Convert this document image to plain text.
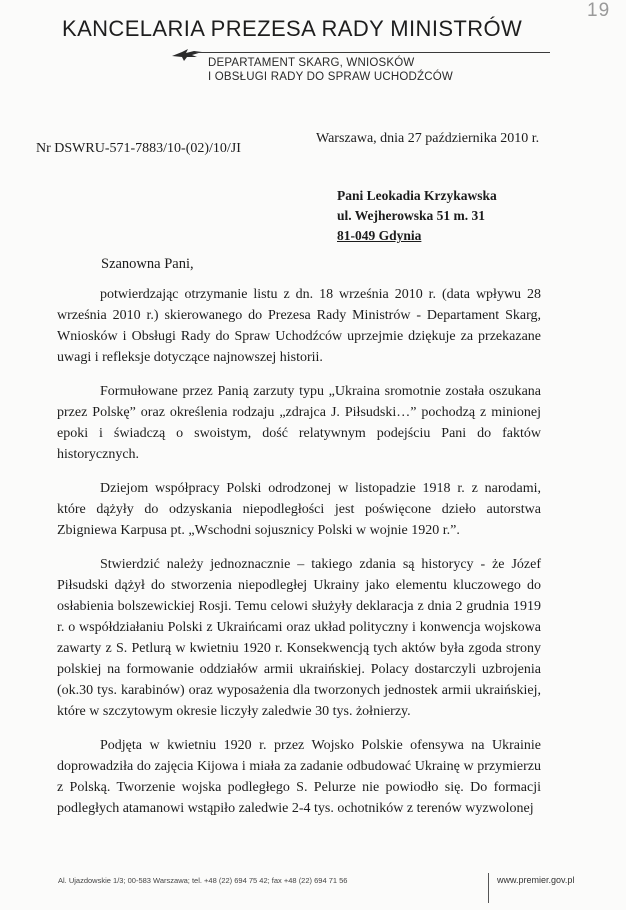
19
KANCELARIA PREZESA RADY MINISTRÓW
DEPARTAMENT SKARG, WNIOSKÓW
I OBSŁUGI RADY DO SPRAW UCHODŹCÓW
Warszawa, dnia 27 października 2010 r.
Nr DSWRU-571-7883/10-(02)/10/JI
Pani Leokadia Krzykawska
ul. Wejherowska 51 m. 31
81-049 Gdynia
Szanowna Pani,

potwierdzając otrzymanie listu z dn. 18 września 2010 r. (data wpływu 28 września 2010 r.) skierowanego do Prezesa Rady Ministrów - Departament Skarg, Wniosków i Obsługi Rady do Spraw Uchodźców uprzejmie dziękuje za przekazane uwagi i refleksje dotyczące najnowszej historii.

Formułowane przez Panią zarzuty typu „Ukraina sromotnie została oszukana przez Polskę” oraz określenia rodzaju „zdrajca J. Piłsudski…” pochodzą z minionej epoki i świadczą o swoistym, dość relatywnym podejściu Pani do faktów historycznych.

Dziejom współpracy Polski odrodzonej w listopadzie 1918 r. z narodami, które dążyły do odzyskania niepodległości jest poświęcone dzieło autorstwa Zbigniewa Karpusa pt. „Wschodni sojusznicy Polski w wojnie 1920 r.”.

Stwierdzić należy jednoznacznie – takiego zdania są historycy - że Józef Piłsudski dążył do stworzenia niepodległej Ukrainy jako elementu kluczowego do osłabienia bolszewickiej Rosji. Temu celowi służyły deklaracja z dnia 2 grudnia 1919 r. o współdziałaniu Polski z Ukraińcami oraz układ polityczny i konwencja wojskowa zawarty z S. Petlurą w kwietniu 1920 r. Konsekwencją tych aktów była zgoda strony polskiej na formowanie oddziałów armii ukraińskiej. Polacy dostarczyli uzbrojenia (ok.30 tys. karabinów) oraz wyposażenia dla tworzonych jednostek armii ukraińskiej, które w szczytowym okresie liczyły zaledwie 30 tys. żołnierzy.

Podjęta w kwietniu 1920 r. przez Wojsko Polskie ofensywa na Ukrainie doprowadziła do zajęcia Kijowa i miała za zadanie odbudować Ukrainę w przymierzu z Polską. Tworzenie wojska podległego S. Pelurze nie powiodło się. Do formacji podległych atamanowi wstąpiło zaledwie 2-4 tys. ochotników z terenów wyzwolonej

Al. Ujazdowskie 1/3; 00-583 Warszawa; tel. +48 (22) 694 75 42; fax +48 (22) 694 71 56	www.premier.gov.pl
